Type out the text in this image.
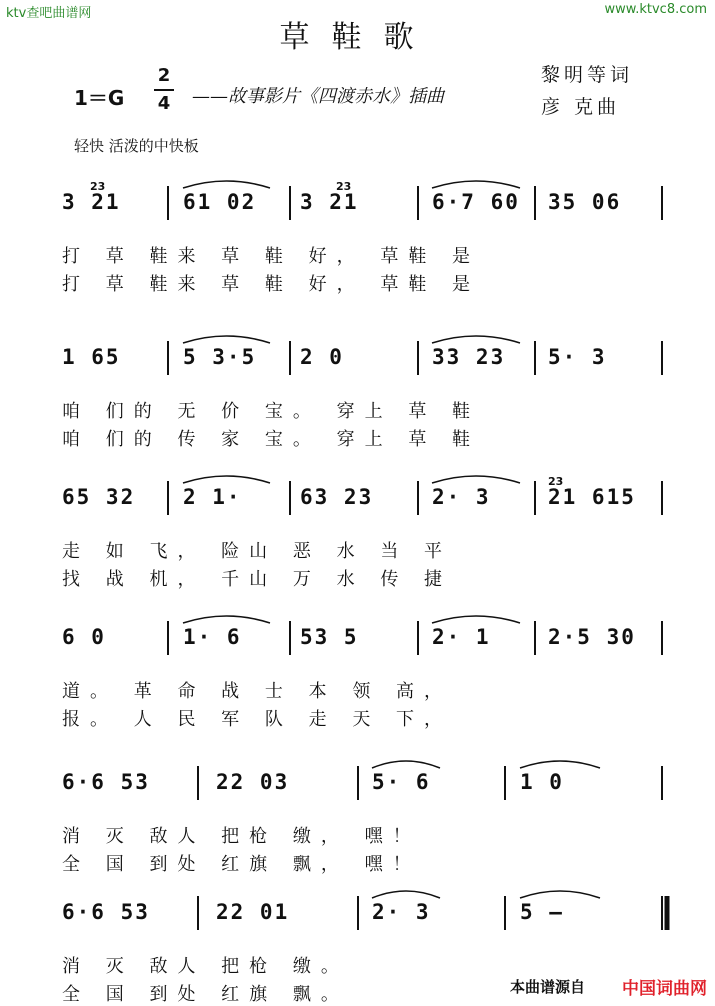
ktv查吧曲谱网	www.ktvc8.com
草鞋歌
1＝G
2
4 ——故事影片《四渡赤水》插曲
黎明等词
彦 克曲
轻快 活泼的中快板
3 21	61 02 3 21	6·7 60 35 06
23	23
打 草 鞋来 草 鞋 好， 草鞋 是
打 草 鞋来 草 鞋 好， 草鞋 是
1 65	5 3·5 2 0	33 23 5· 3
咱 们的 无 价 宝。 穿上 草 鞋
咱 们的 传 家 宝。 穿上 草 鞋
65 32 2 1·	63 23	2· 3	21 615
23
走 如 飞， 险山 恶 水 当 平
找 战 机， 千山 万 水 传 捷
6 0	1· 6	53 5	2· 1	2·5 30
道。 革 命 战 士 本 领 高，
报。 人 民 军 队 走 天 下，
6·6 53	22 03	5· 6	1 0
消 灭 敌人 把枪 缴， 嘿！
全 国 到处 红旗 飘， 嘿！
6·6 53	22 01	2· 3	5 —
消 灭 敌人 把枪 缴。
全 国 到处 红旗 飘。	本曲谱源自 中国词曲网
